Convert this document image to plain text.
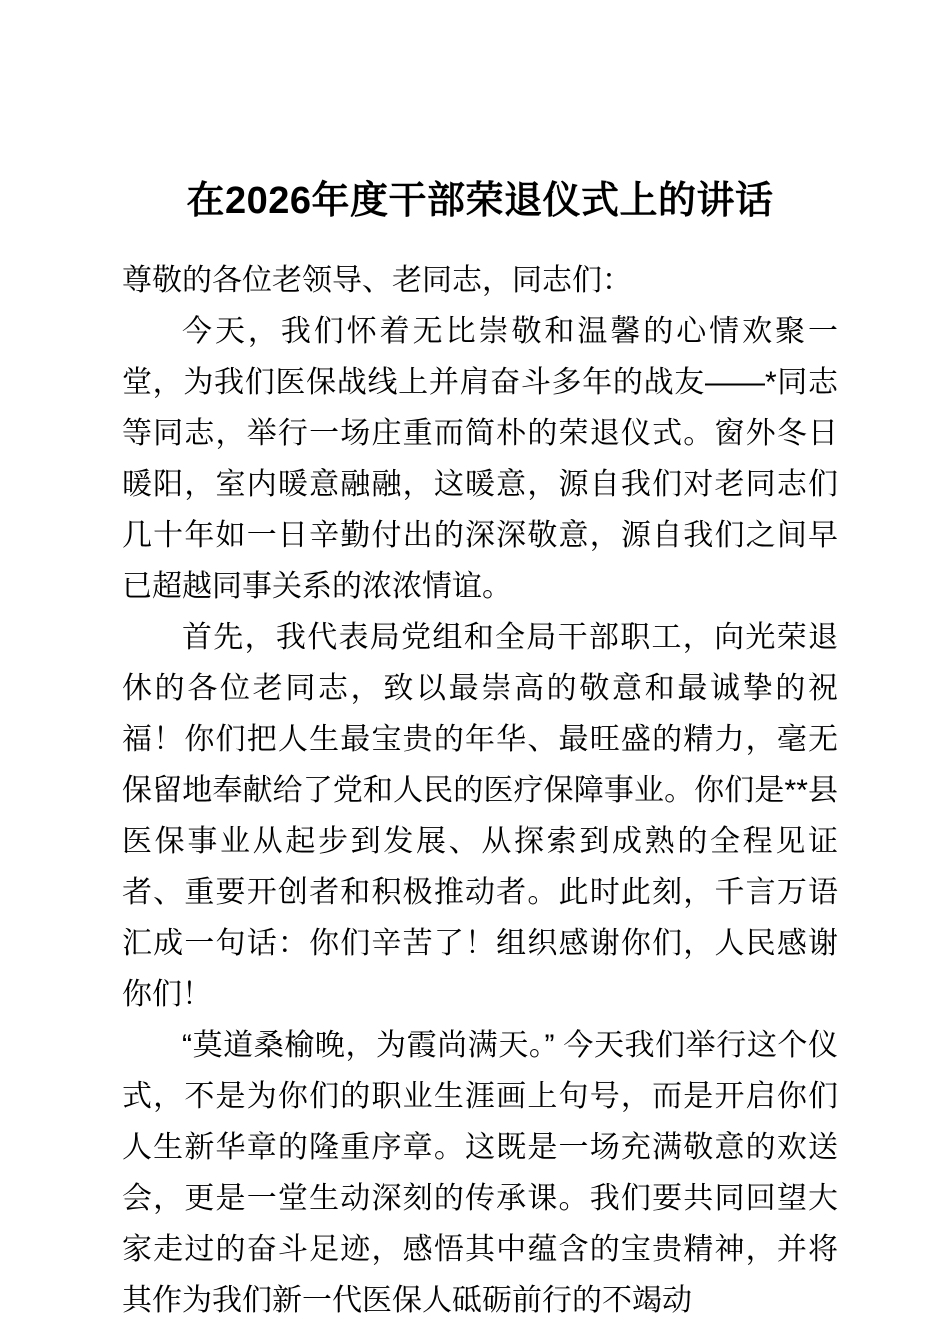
在2026年度干部荣退仪式上的讲话

尊敬的各位老领导、老同志，同志们：

今天，我们怀着无比崇敬和温馨的心情欢聚一堂，为我们医保战线上并肩奋斗多年的战友——*同志等同志，举行一场庄重而简朴的荣退仪式。窗外冬日暖阳，室内暖意融融，这暖意，源自我们对老同志们几十年如一日辛勤付出的深深敬意，源自我们之间早已超越同事关系的浓浓情谊。

首先，我代表局党组和全局干部职工，向光荣退休的各位老同志，致以最崇高的敬意和最诚挚的祝福！你们把人生最宝贵的年华、最旺盛的精力，毫无保留地奉献给了党和人民的医疗保障事业。你们是**县医保事业从起步到发展、从探索到成熟的全程见证者、重要开创者和积极推动者。此时此刻，千言万语汇成一句话：你们辛苦了！组织感谢你们，人民感谢你们！

“莫道桑榆晚，为霞尚满天。” 今天我们举行这个仪式，不是为你们的职业生涯画上句号，而是开启你们人生新华章的隆重序章。这既是一场充满敬意的欢送会，更是一堂生动深刻的传承课。我们要共同回望大家走过的奋斗足迹，感悟其中蕴含的宝贵精神，并将其作为我们新一代医保人砥砺前行的不竭动
